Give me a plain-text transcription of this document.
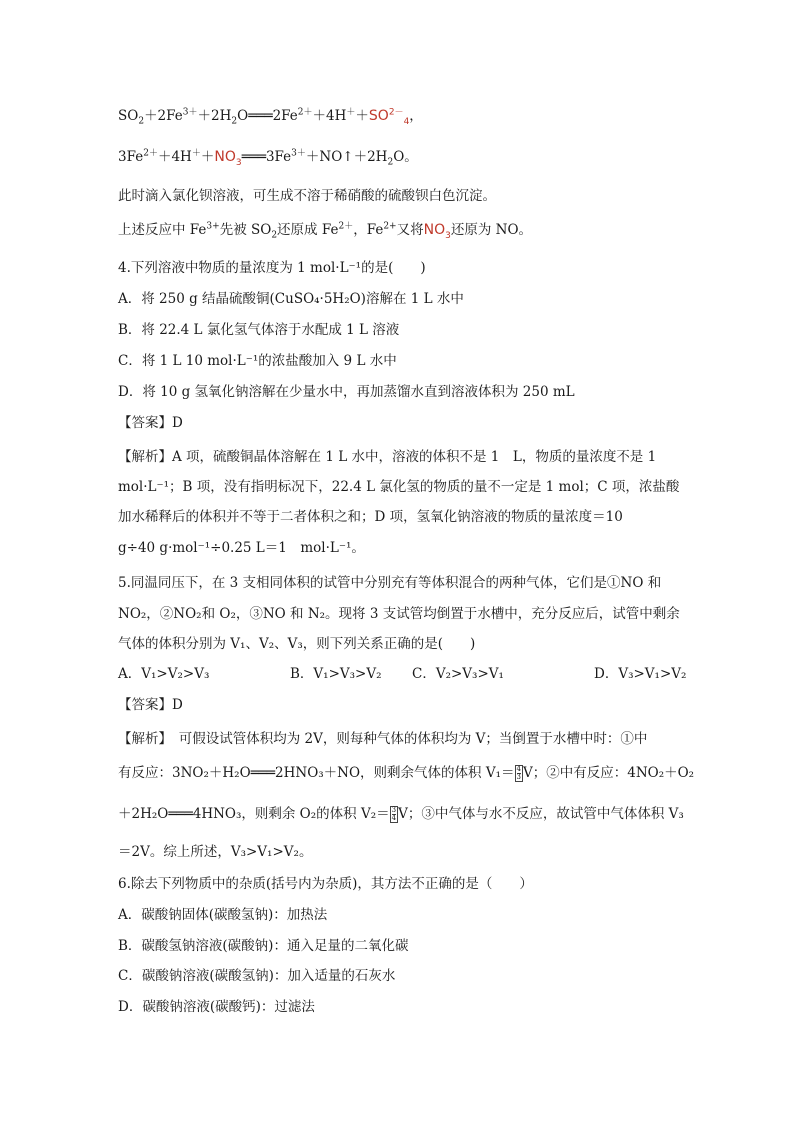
$SO_2+2Fe^{3+}+2H_2O═══2Fe^{2+}+4H^++SO^{2-}_4$，
$3Fe^{2+}+4H^++NO_3═══3Fe^{3+}+NO↑+2H_2O$。
此时滴入氯化钡溶液，可生成不溶于稀硝酸的硫酸钡白色沉淀。
上述反应中 $Fe^{3+}$先被 $SO_2$还原成 $Fe^{2+}$，$Fe^{2+}$又将$NO_3$还原为 NO。
4.下列溶液中物质的量浓度为 1 mol·L⁻¹的是(　　)
A．将 250 g 结晶硫酸铜(CuSO₄·5H₂O)溶解在 1 L 水中
B．将 22.4 L 氯化氢气体溶于水配成 1 L 溶液
C．将 1 L 10 mol·L⁻¹的浓盐酸加入 9 L 水中
D．将 10 g 氢氧化钠溶解在少量水中，再加蒸馏水直到溶液体积为 250 mL
【答案】D
【解析】A 项，硫酸铜晶体溶解在 1 L 水中，溶液的体积不是 1　L，物质的量浓度不是 1
mol·L⁻¹；B 项，没有指明标况下，22.4 L 氯化氢的物质的量不一定是 1 mol；C 项，浓盐酸
加水稀释后的体积并不等于二者体积之和；D 项，氢氧化钠溶液的物质的量浓度＝10
g÷40 g·mol⁻¹÷0.25 L＝1　mol·L⁻¹。
5.同温同压下，在 3 支相同体积的试管中分别充有等体积混合的两种气体，它们是①NO 和
NO₂，②NO₂和 O₂，③NO 和 N₂。现将 3 支试管均倒置于水槽中，充分反应后，试管中剩余
气体的体积分别为 V₁、V₂、V₃，则下列关系正确的是(　　)
A．V₁>V₂>V₃	B．V₁>V₃>V₂ C．V₂>V₃>V₁	D．V₃>V₁>V₂
【答案】D
【解析】　可假设试管体积均为 2V，则每种气体的体积均为 V；当倒置于水槽中时：①中
有反应：3NO₂＋H₂O═══2HNO₃＋NO，则剩余气体的体积 $V_1= \frac{4}{3}$ V；②中有反应：4NO₂＋O₂
＋2H₂O═══4HNO₃，则剩余 O₂的体积 $V_2= \frac{3}{4}$ V；③中气体与水不反应，故试管中气体体积 V₃
＝2V。综上所述，V₃>V₁>V₂。
6.除去下列物质中的杂质(括号内为杂质)，其方法不正确的是（　　）
A．碳酸钠固体(碳酸氢钠)：加热法
B．碳酸氢钠溶液(碳酸钠)：通入足量的二氧化碳
C．碳酸钠溶液(碳酸氢钠)：加入适量的石灰水
D．碳酸钠溶液(碳酸钙)：过滤法
